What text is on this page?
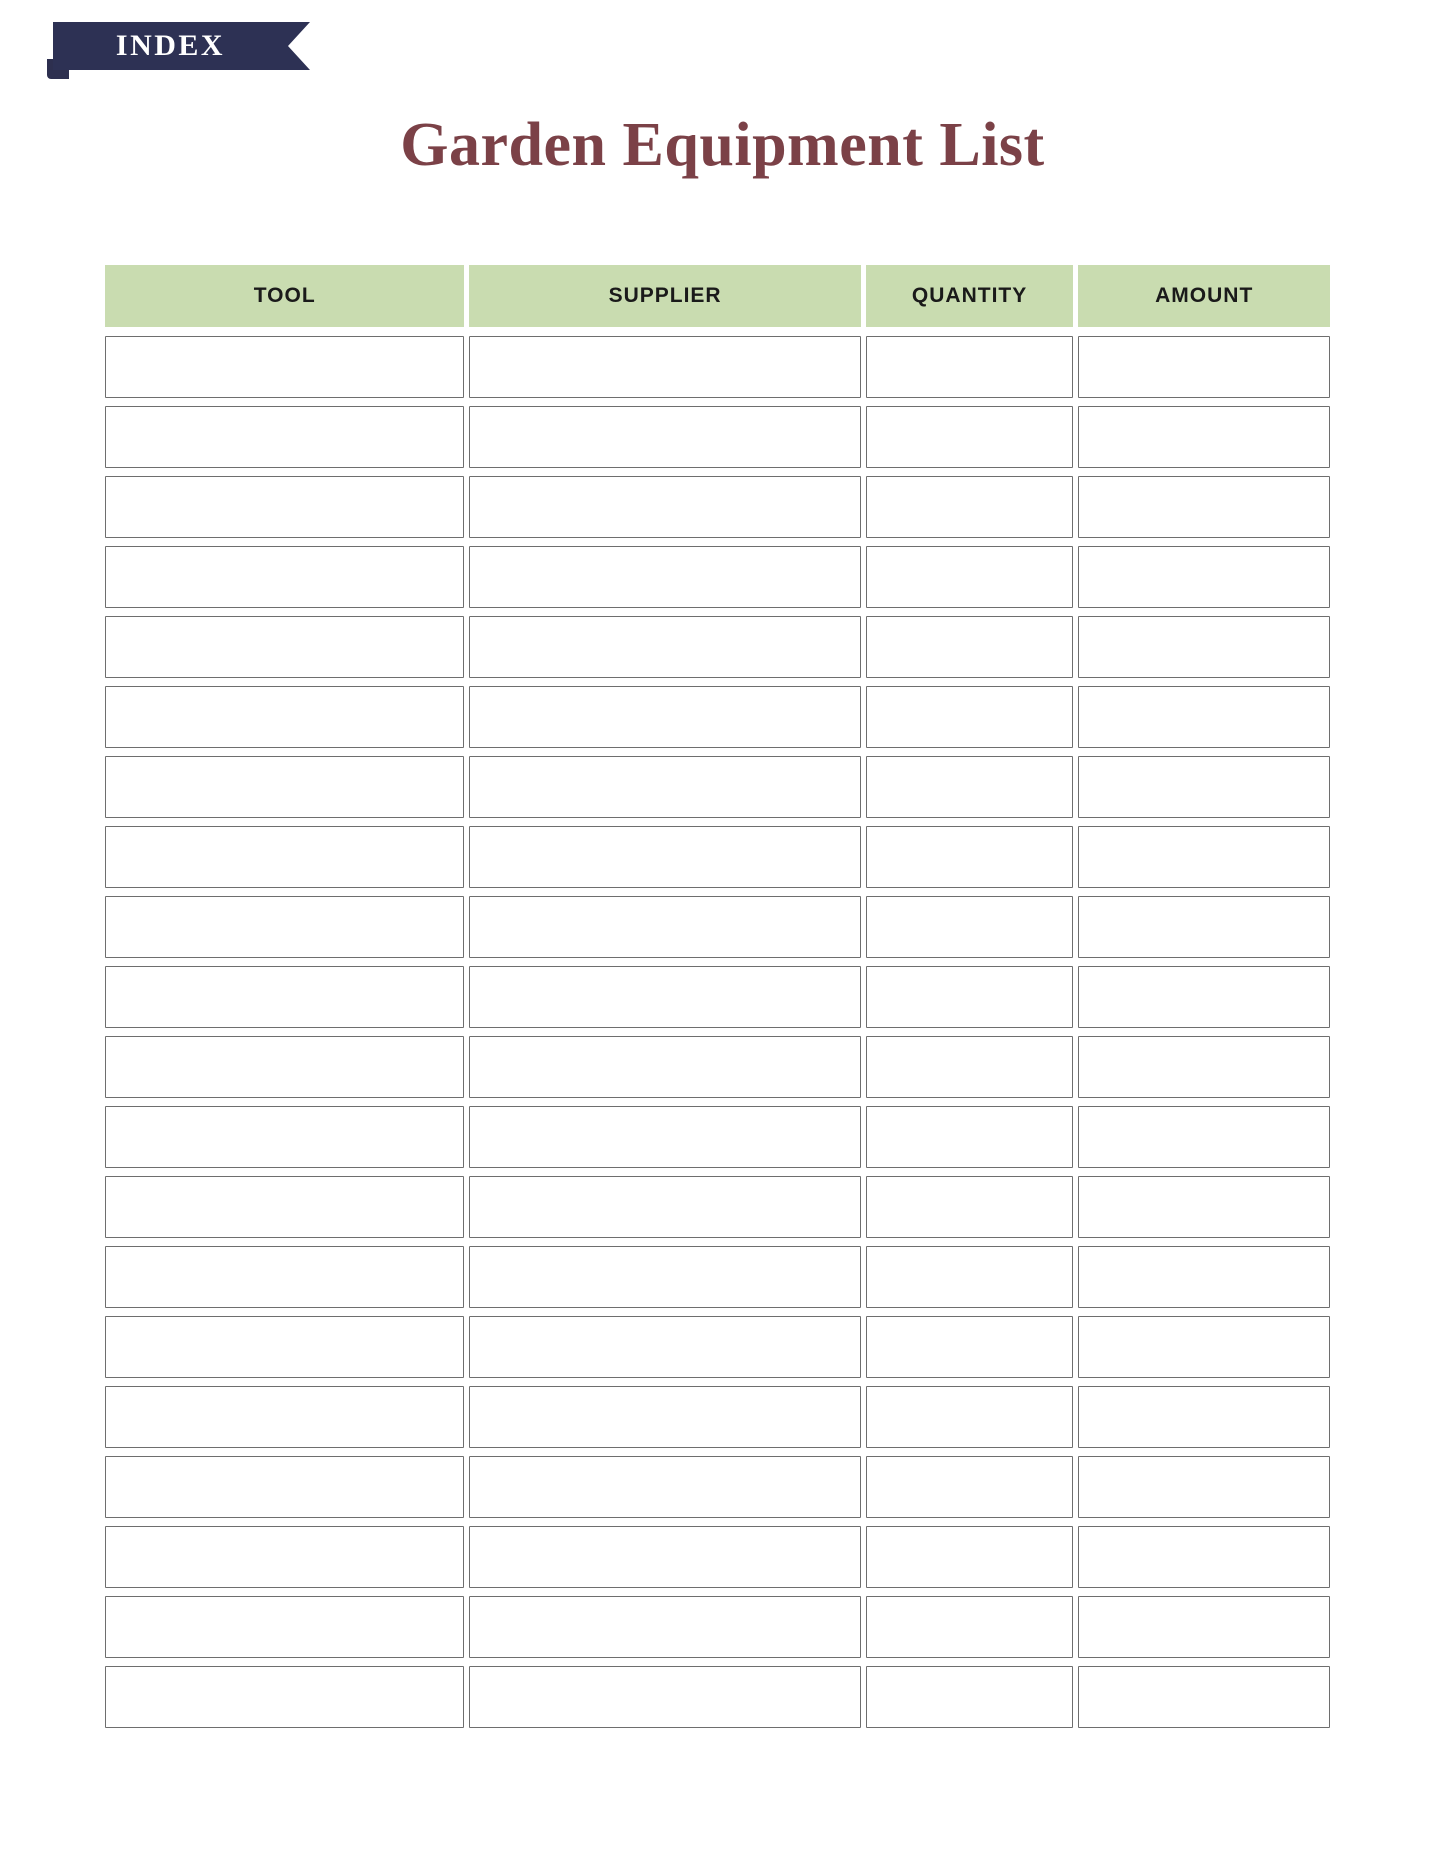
INDEX
Garden Equipment List
TOOL	SUPPLIER	QUANTITY	AMOUNT
